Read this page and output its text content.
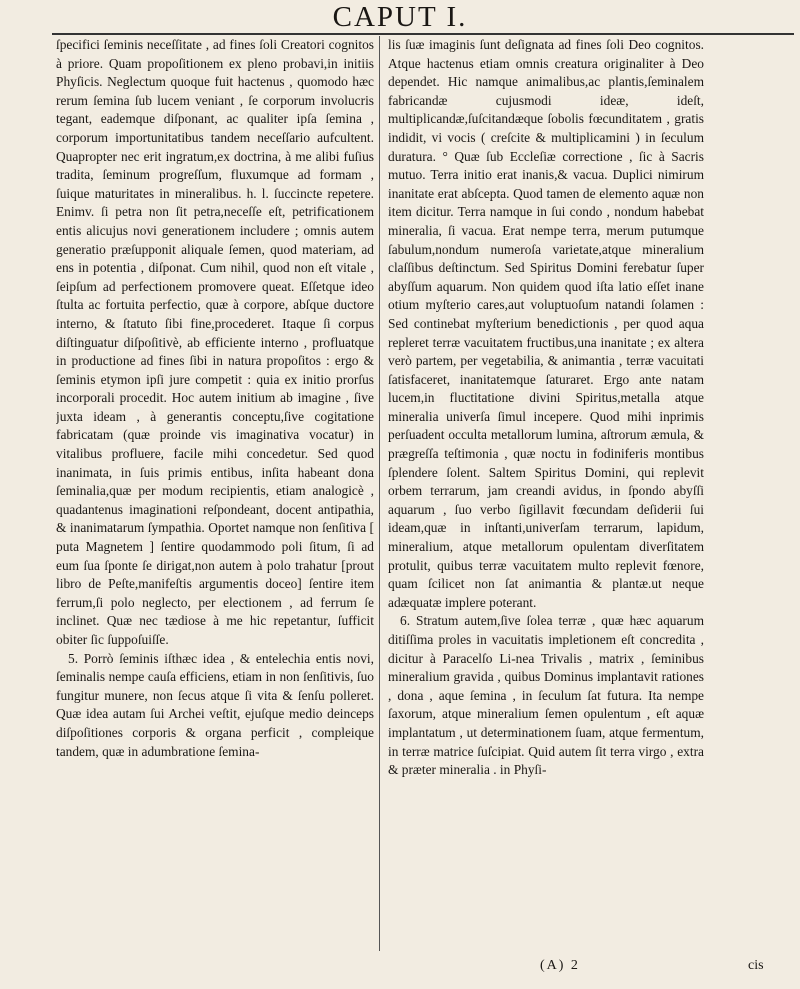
CAPUT I.

ſpecifici ſeminis neceſſitate , ad fines ſoli Creatori cognitos à priore. Quam propoſitionem ex pleno probavi,in initiis Phyſicis. Neglectum quoque fuit hactenus , quomodo hæc rerum ſemina ſub lucem veniant , ſe corporum involucris tegant, eademque diſponant, ac qualiter ipſa ſemina , corporum importunitatibus tandem neceſſario aufcultent. Quapropter nec erit ingratum,ex doctrina, à me alibi fuſius tradita, ſeminum progreſſum, fluxumque ad formam , ſuique maturitates in mineralibus. h. l. ſuccincte repetere. Enimv. ſi petra non ſit petra,neceſſe eſt, petrificationem entis alicujus novi generationem includere ; omnis autem generatio præſupponit aliquale ſemen, quod materiam, ad ens in potentia , diſponat. Cum nihil, quod non eſt vitale , ſeipſum ad perfectionem promovere queat. Eſſetque ideo ſtulta ac fortuita perfectio, quæ à corpore, abſque ductore interno, & ſtatuto ſibi fine,procederet. Itaque ſi corpus diſtinguatur diſpoſitivè, ab efficiente interno , profluatque in productione ad fines ſibi in natura propoſitos : ergo & ſeminis etymon ipſi jure competit : quia ex initio prorſus incorporali procedit. Hoc autem initium ab imagine , ſive juxta ideam , à generantis conceptu,ſive cogitatione fabricatam (quæ proinde vis imaginativa vocatur) in vitalibus profluere, facile mihi concedetur. Sed quod inanimata, in ſuis primis entibus, inſita habeant dona ſeminalia,quæ per modum recipientis, etiam analogicè , quadantenus imaginationi reſpondeant, docent antipathia, & inanimatarum ſympathia. Oportet namque non ſenſitiva [ puta Magnetem ] ſentire quodammodo poli ſitum, ſi ad eum ſua ſponte ſe dirigat,non autem à polo trahatur [prout libro de Peſte,manifeſtis argumentis doceo] ſentire item ferrum,ſi polo neglecto, per electionem , ad ferrum ſe inclinet. Quæ nec tædiose à me hic repetantur, ſufficit obiter ſic ſuppoſuiſſe.

5. Porrò ſeminis iſthæc idea , & entelechia entis novi, ſeminalis nempe cauſa efficiens, etiam in non ſenſitivis, ſuo fungitur munere, non ſecus atque ſi vita & ſenſu polleret. Quæ idea autam ſui Archei veſtit, ejuſque medio deinceps diſpoſitiones corporis & organa perficit , compleique tandem, quæ in adumbratione ſemina-

lis ſuæ imaginis ſunt deſignata ad fines ſoli Deo cognitos. Atque hactenus etiam omnis creatura originaliter à Deo dependet. Hic namque animalibus,ac plantis,ſeminalem fabricandæ cujusmodi ideæ, ideſt, multiplicandæ,ſuſcitandæque ſobolis fœcunditatem , gratis indidit, vi vocis ( creſcite & multiplicamini ) in ſeculum duratura. ° Quæ ſub Eccleſiæ correctione , ſic à Sacris mutuo. Terra initio erat inanis,& vacua. Duplici nimirum inanitate erat abſcepta. Quod tamen de elemento aquæ non item dicitur. Terra namque in ſui condo , nondum habebat mineralia, ſi vacua. Erat nempe terra, merum putumque ſabulum,nondum numeroſa varietate,atque mineralium claſſibus deſtinctum. Sed Spiritus Domini ferebatur ſuper abyſſum aquarum. Non quidem quod iſta latio eſſet inane otium myſterio cares,aut voluptuoſum natandi ſolamen : Sed continebat myſterium benedictionis , per quod aqua repleret terræ vacuitatem fructibus,una inanitate ; ex altera verò partem, per vegetabilia, & animantia , terræ vacuitati ſatisfaceret, inanitatemque ſaturaret. Ergo ante natam lucem,in fluctitatione divini Spiritus,metalla atque mineralia univerſa ſimul incepere. Quod mihi inprimis perſuadent occulta metallorum lumina, aſtrorum æmula, & prægreſſa teſtimonia , quæ noctu in fodiniferis montibus ſplendere ſolent. Saltem Spiritus Domini, qui replevit orbem terrarum, jam creandi avidus, in ſpondo abyſſi aquarum , ſuo verbo ſigillavit fœcundam deſiderii ſui ideam,quæ in inſtanti,univerſam terrarum, lapidum, mineralium, atque metallorum opulentam diverſitatem protulit, quibus terræ vacuitatem multo replevit fœnore, quam ſcilicet non ſat animantia & plantæ.ut neque adæquatæ implere poterant.

6. Stratum autem,ſive ſolea terræ , quæ hæc aquarum ditiſſima proles in vacuitatis impletionem eſt concredita , dicitur à Paracelſo Li-nea Trivalis , matrix , ſeminibus mineralium gravida , quibus Dominus implantavit rationes , dona , aque ſemina , in ſeculum ſat futura. Ita nempe ſaxorum, atque mineralium ſemen opulentum , eſt aquæ implantatum , ut determinationem ſuam, atque fermentum, in terræ matrice ſuſcipiat. Quid autem ſit terra virgo , extra & præter mineralia . in Phyſi-

(A) 2	cis
